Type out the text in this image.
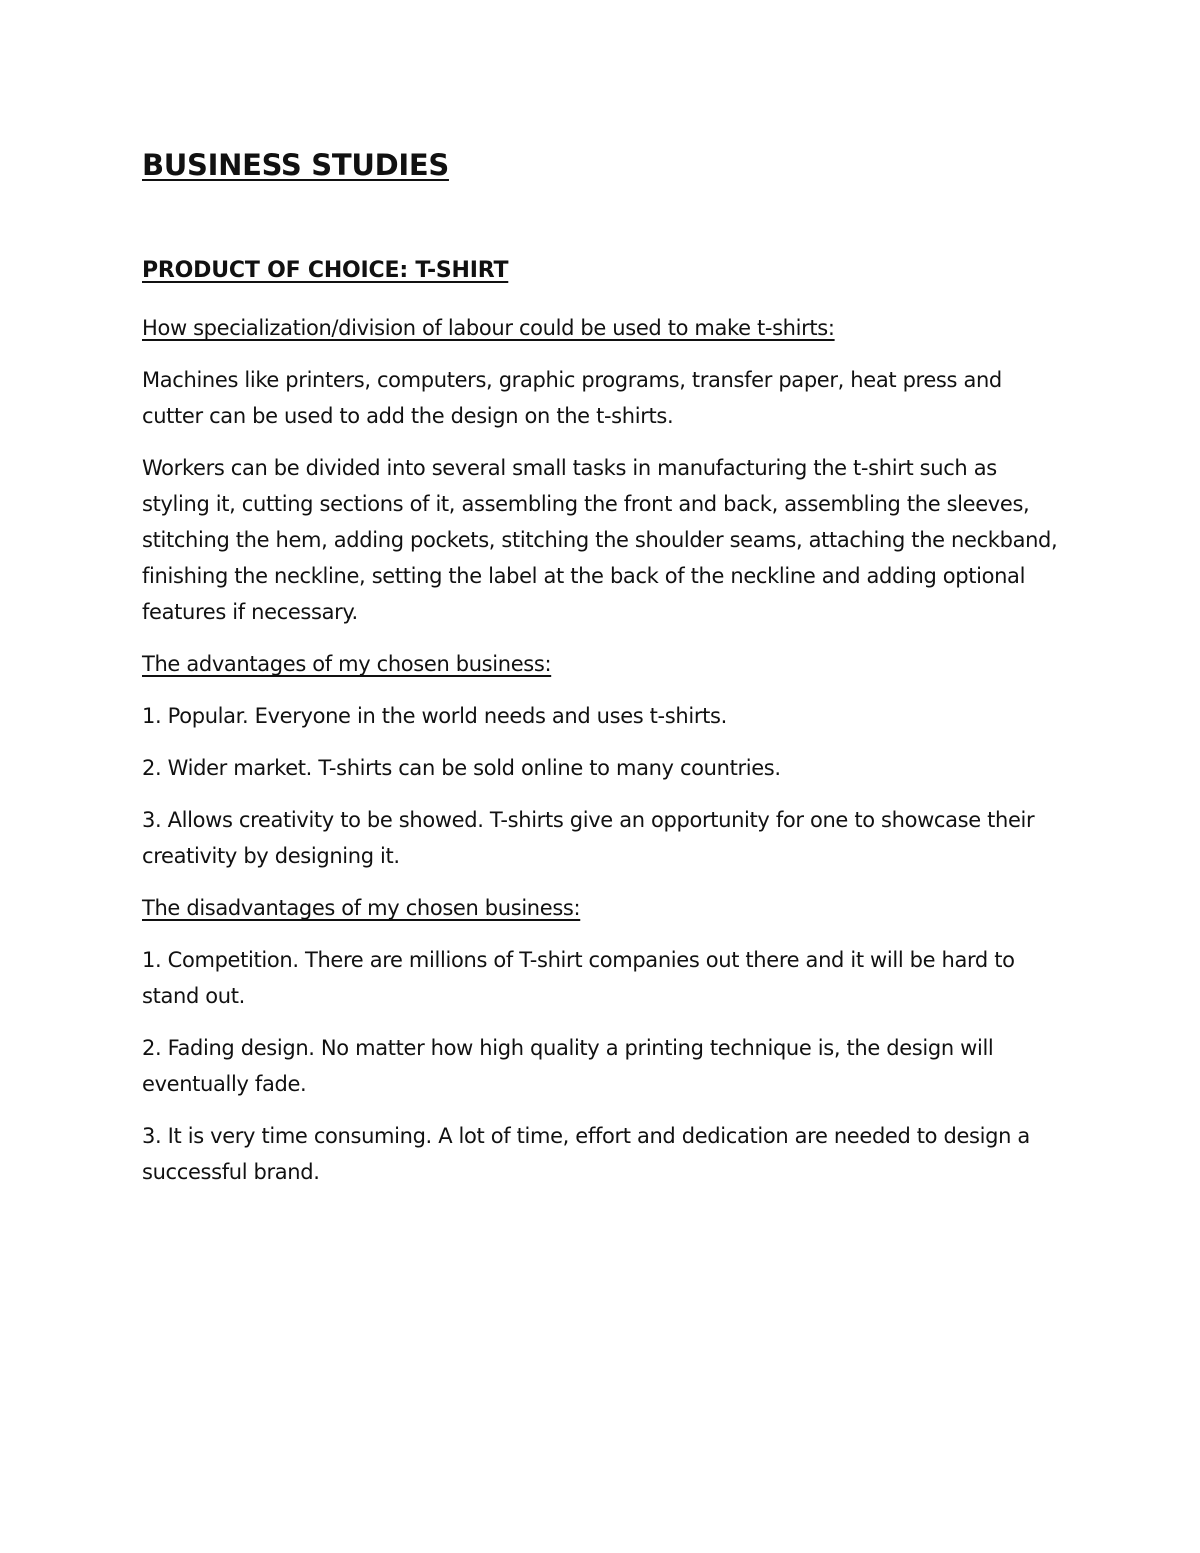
BUSINESS STUDIES
PRODUCT OF CHOICE: T-SHIRT

How specialization/division of labour could be used to make t-shirts:

Machines like printers, computers, graphic programs, transfer paper, heat press and cutter can be used to add the design on the t-shirts.

Workers can be divided into several small tasks in manufacturing the t-shirt such as styling it, cutting sections of it, assembling the front and back, assembling the sleeves, stitching the hem, adding pockets, stitching the shoulder seams, attaching the neckband, finishing the neckline, setting the label at the back of the neckline and adding optional features if necessary.

The advantages of my chosen business:

1. Popular. Everyone in the world needs and uses t-shirts.

2. Wider market. T-shirts can be sold online to many countries.

3. Allows creativity to be showed. T-shirts give an opportunity for one to showcase their creativity by designing it.

The disadvantages of my chosen business:

1. Competition. There are millions of T-shirt companies out there and it will be hard to stand out.

2. Fading design. No matter how high quality a printing technique is, the design will eventually fade.

3. It is very time consuming. A lot of time, effort and dedication are needed to design a successful brand.
